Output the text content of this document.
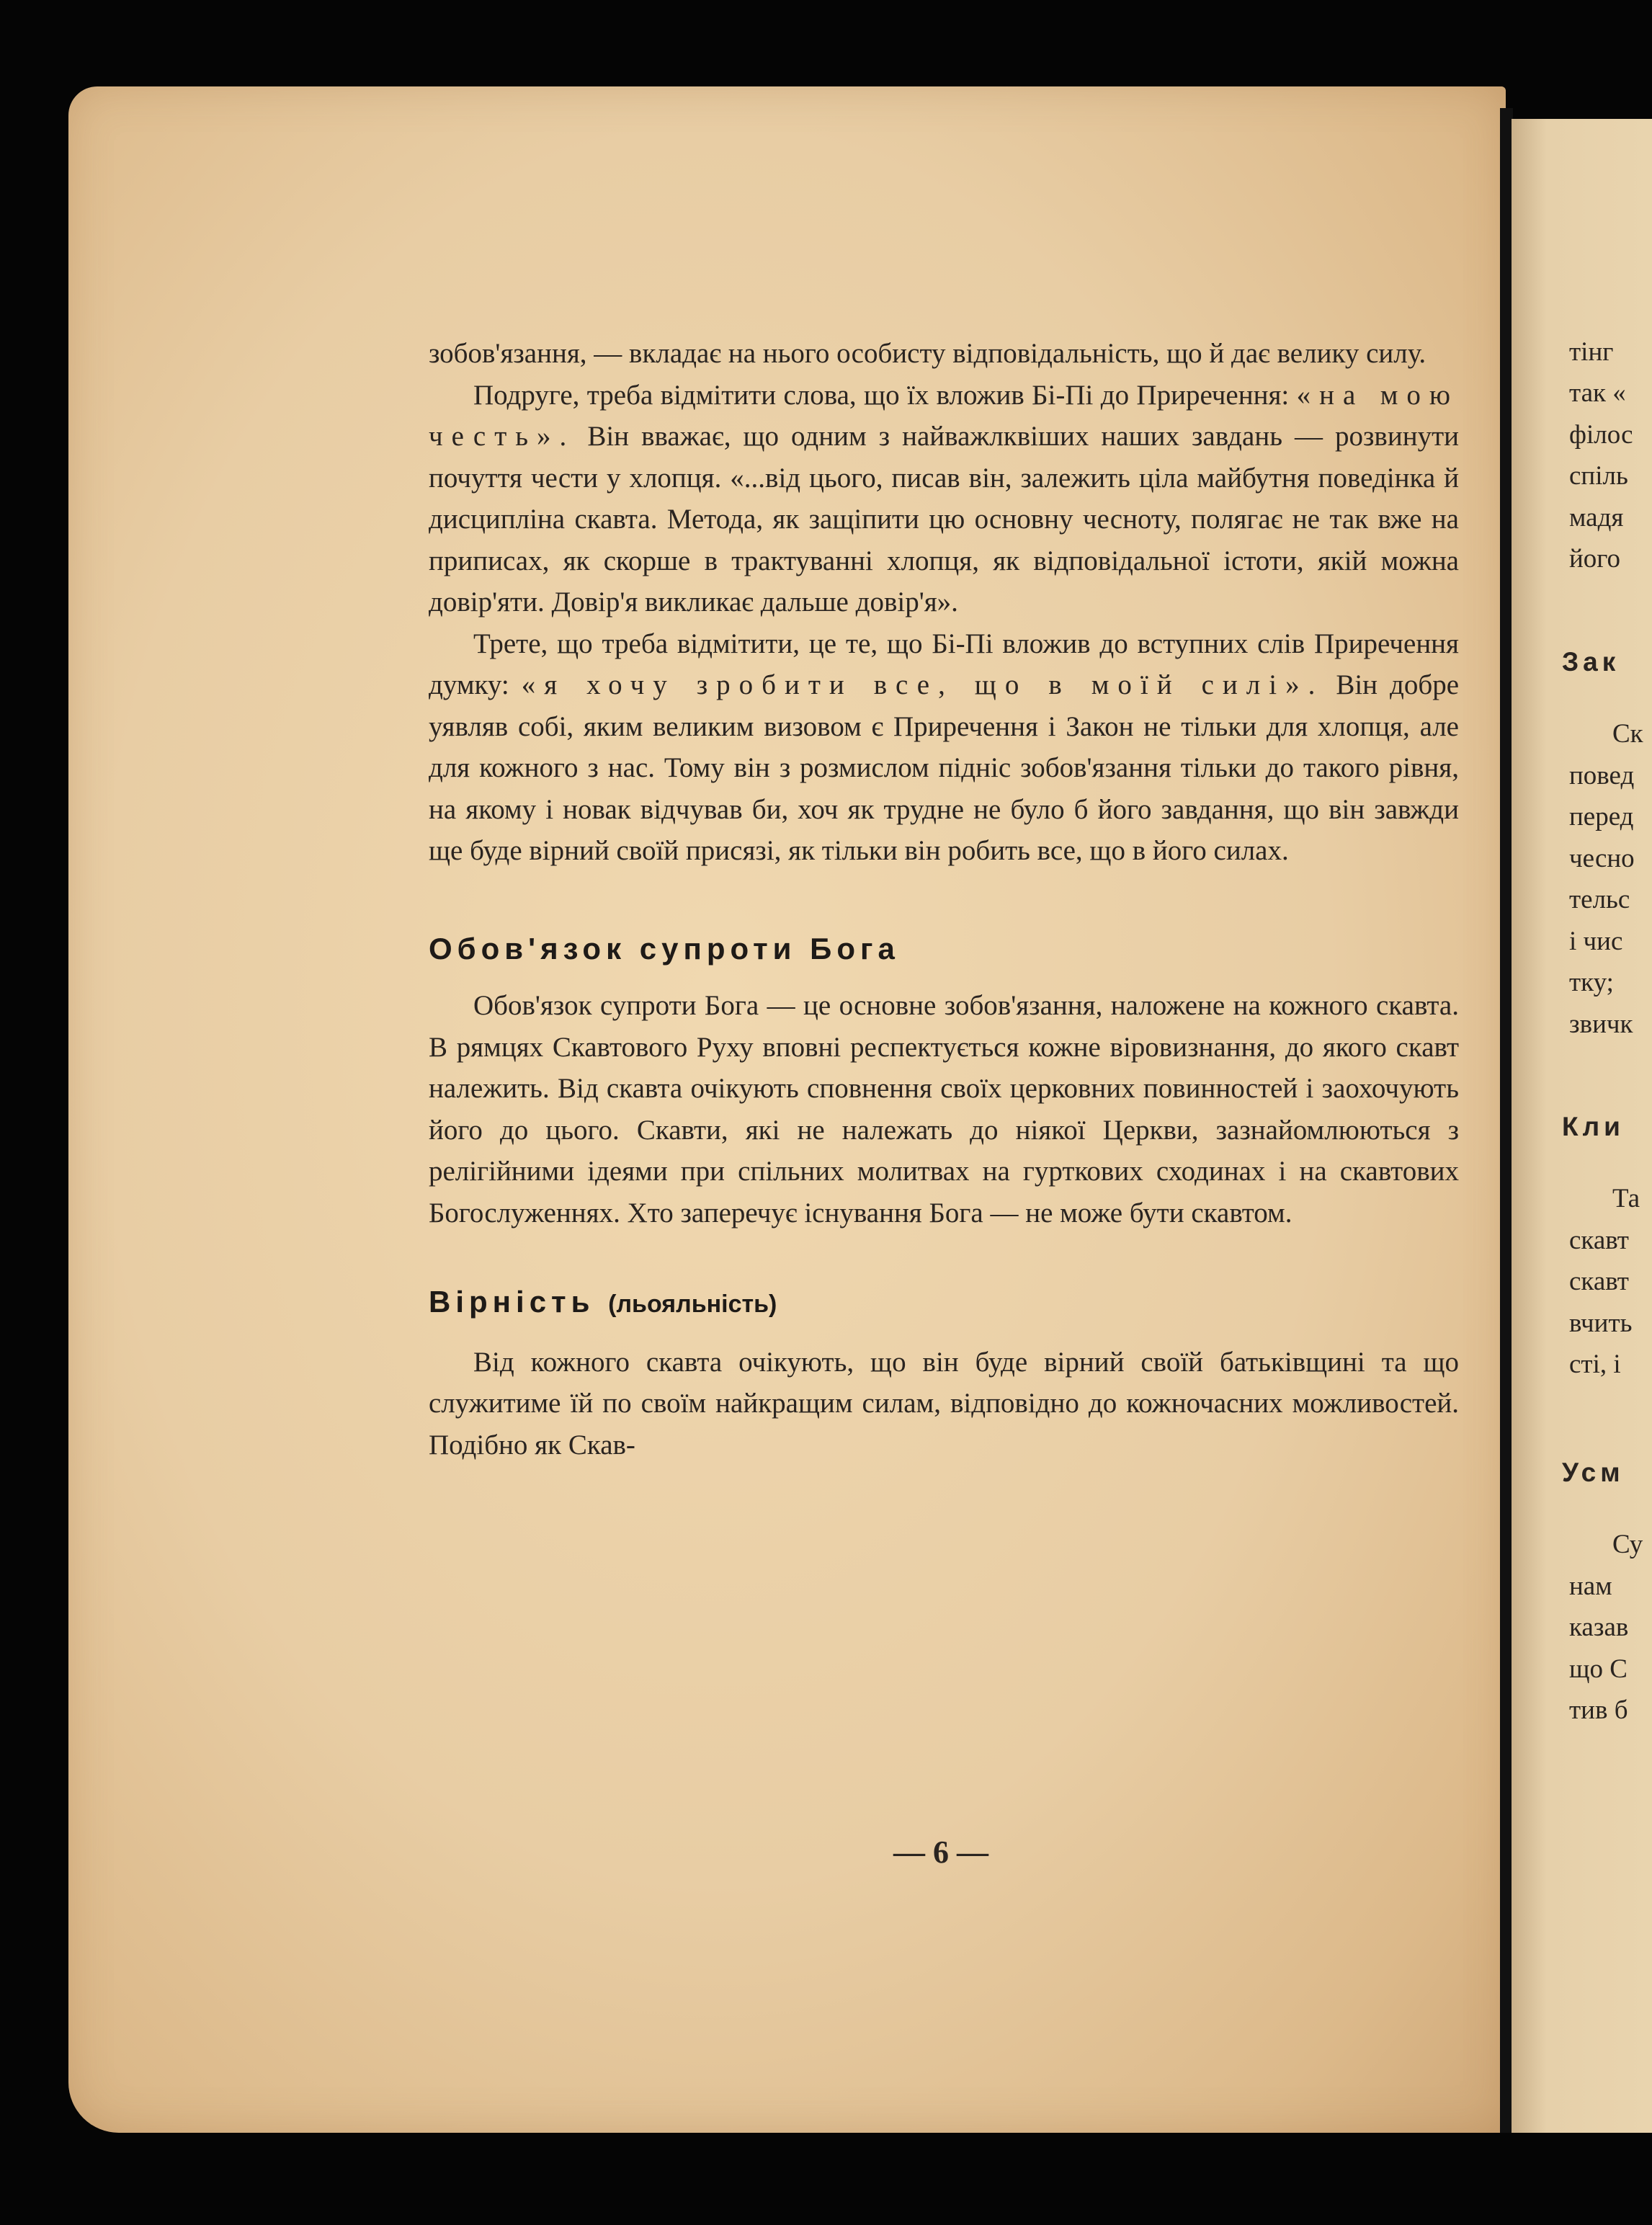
зобов'язання, — вкладає на нього особисту відповідальність, що й дає велику силу.

Подруге, треба відмітити слова, що їх вложив Бі-Пі до Приречення: «на мою честь». Він вважає, що одним з найважлквіших наших завдань — розвинути почуття чести у хлопця. «...від цього, писав він, залежить ціла майбутня поведінка й дисципліна скавта. Метода, як защіпити цю основну чесноту, полягає не так вже на приписах, як скорше в трактуванні хлопця, як відповідальної істоти, якій можна довір'яти. Довір'я викликає дальше довір'я».

Трете, що треба відмітити, це те, що Бі-Пі вложив до вступних слів Приречення думку: «я хочу зробити все, що в моїй силі». Він добре уявляв собі, яким великим визовом є Приречення і Закон не тільки для хлопця, але для кожного з нас. Тому він з розмислом підніс зобов'язання тільки до такого рівня, на якому і новак відчував би, хоч як трудне не було б його завдання, що він завжди ще буде вірний своїй присязі, як тільки він робить все, що в його силах.

Обов'язок супроти Бога

Обов'язок супроти Бога — це основне зобов'язання, наложене на кожного скавта. В рямцях Скавтового Руху вповні респектується кожне віровизнання, до якого скавт належить. Від скавта очікують сповнення своїх церковних повинностей і заохочують його до цього. Скавти, які не належать до ніякої Церкви, зазнайомлюються з релігійними ідеями при спільних молитвах на гурткових сходинах і на скавтових Богослуженнях. Хто заперечує існування Бога — не може бути скавтом.

Вірність (льояльність)

Від кожного скавта очікують, що він буде вірний своїй батьківщині та що служитиме їй по своїм найкращим силам, відповідно до кожночасних можливостей. Подібно як Скав-

— 6 —
тінг
так «
філос
спіль
мадя
його
Зак
Ск
повед
перед
чесно
тельс
і чис
тку;
звичк
Кли
Та
скавт
скавт
вчить
сті, і
Усм
Су
нам
казав
що С
тив б
